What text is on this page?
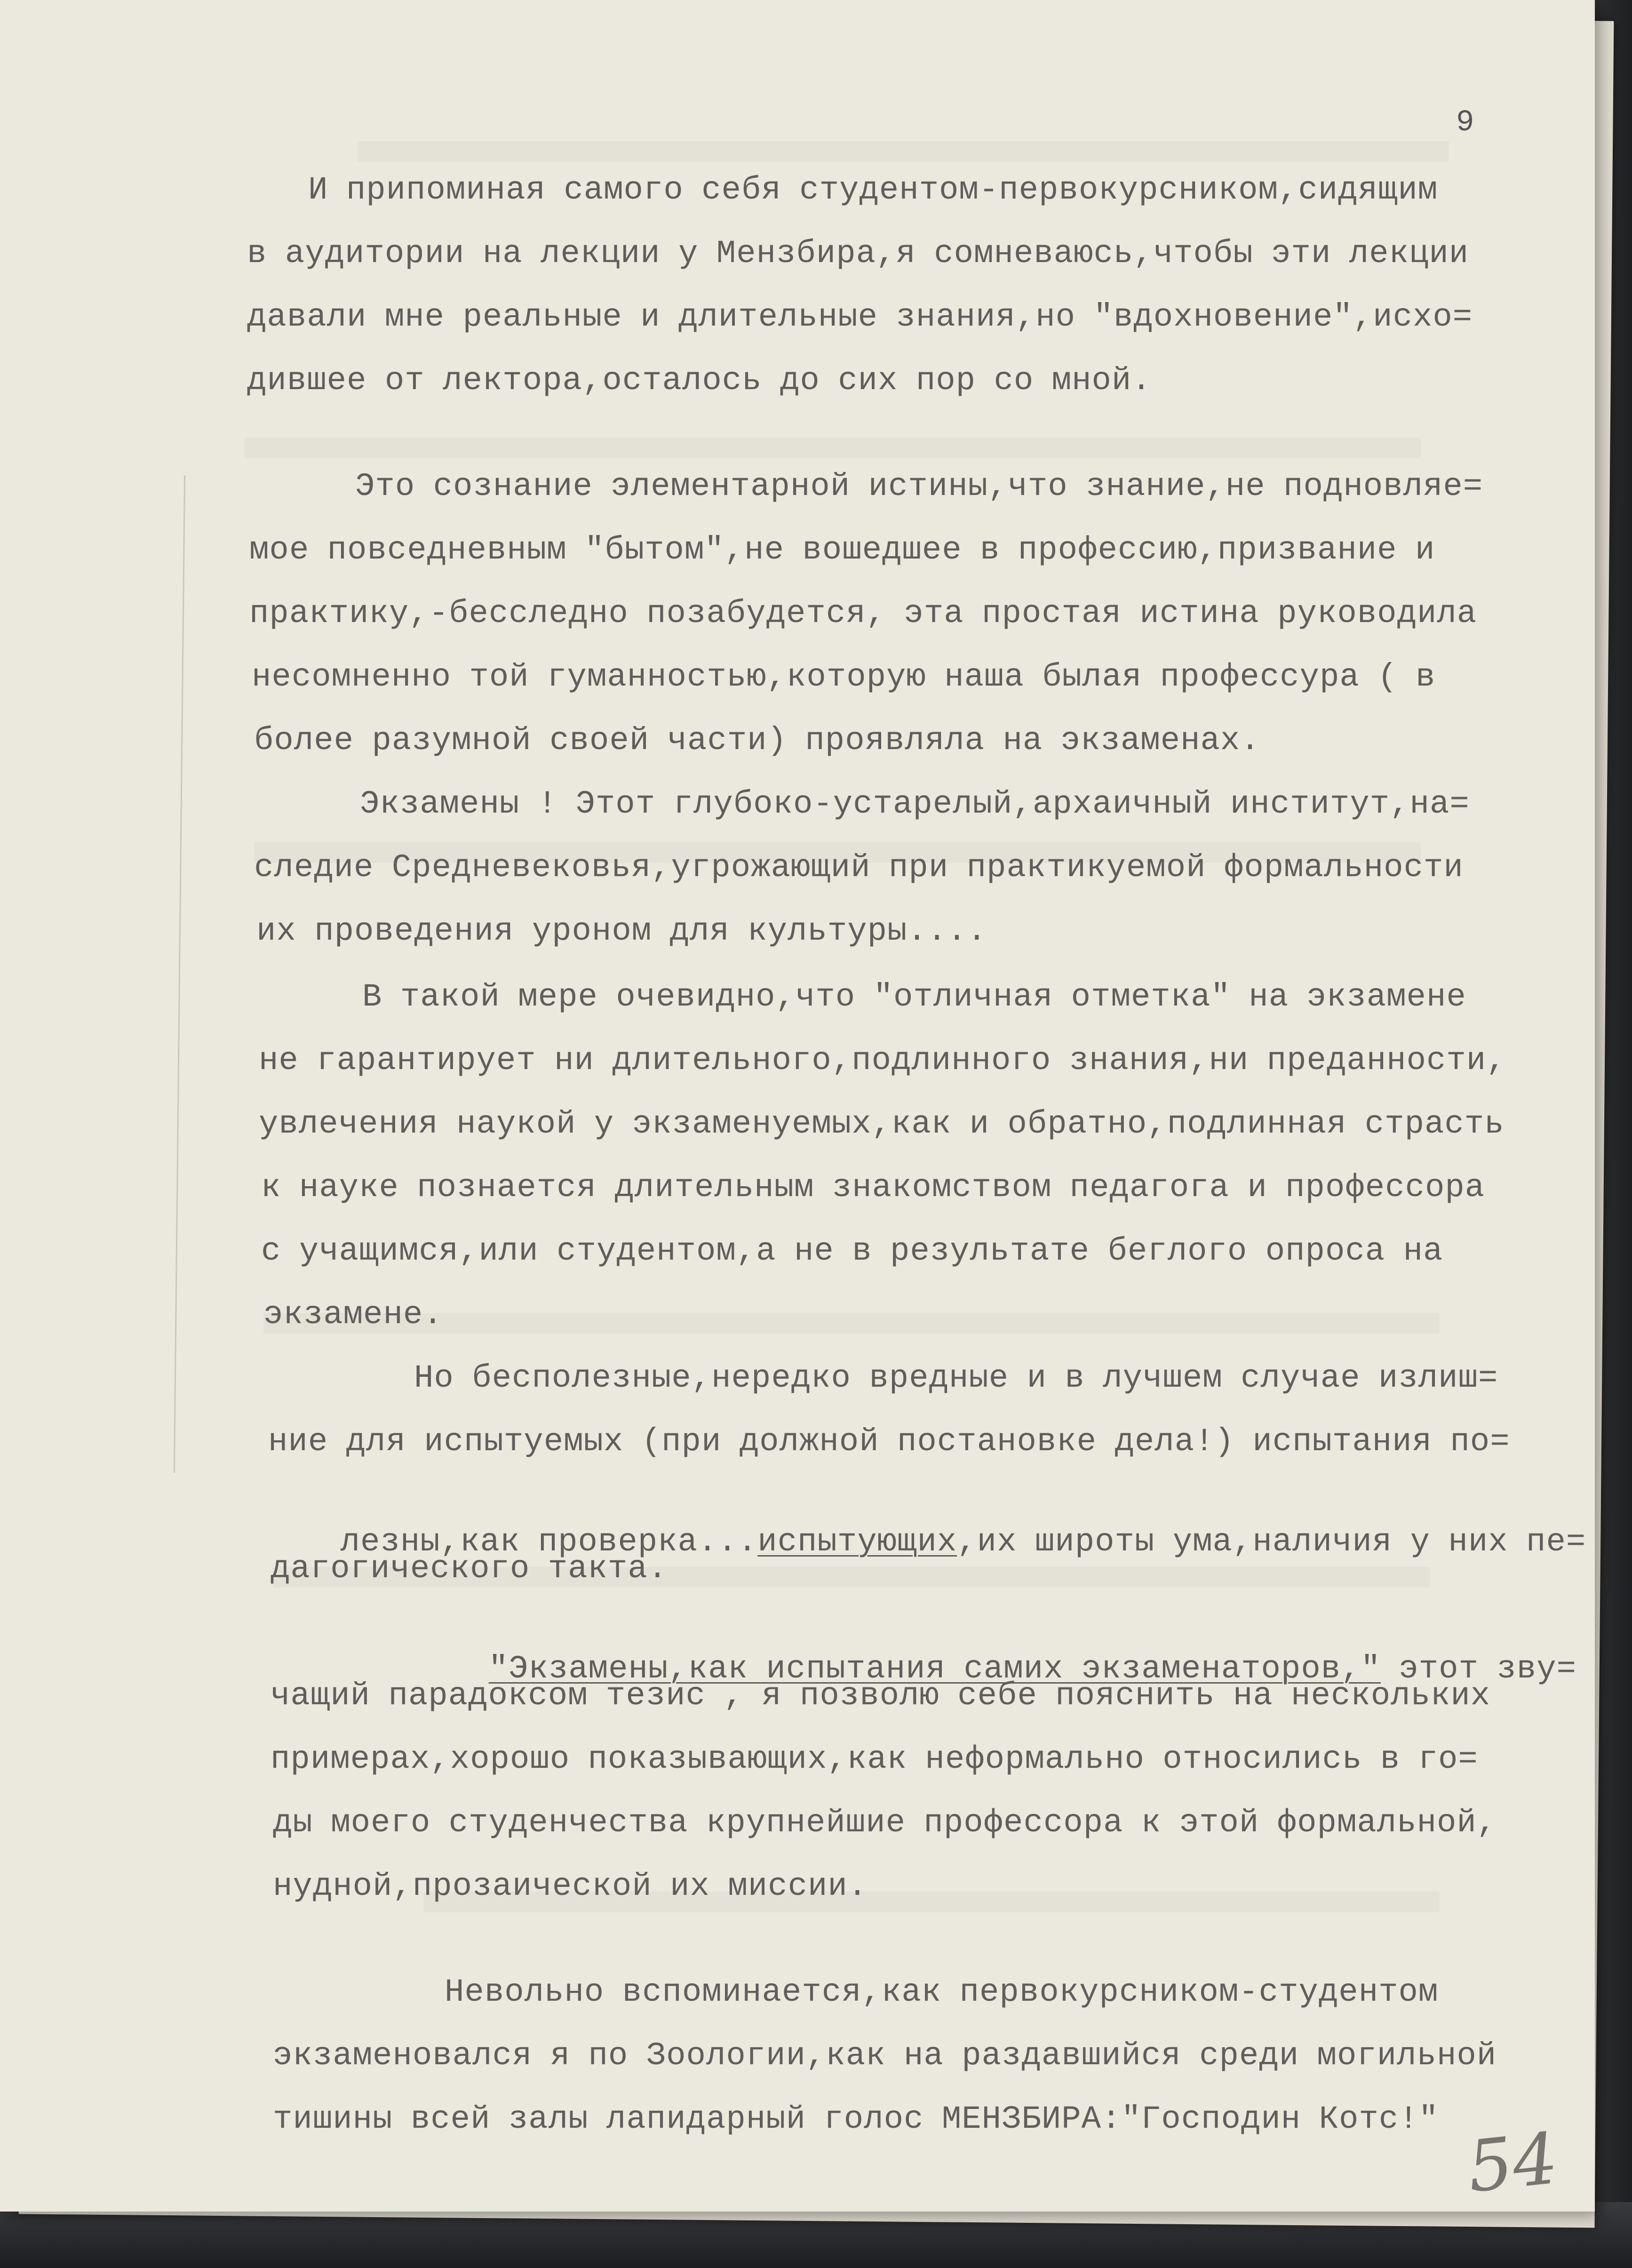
9
И припоминая самого себя студентом-первокурсником,сидящим
в аудитории на лекции у Мензбира,я сомневаюсь,чтобы эти лекции
давали мне реальные и длительные знания,но "вдохновение",исхо=
дившее от лектора,осталось до сих пор со мной.
Это сознание элементарной истины,что знание,не подновляе=
мое повседневным "бытом",не вошедшее в профессию,призвание и
практику,-бесследно позабудется, эта простая истина руководила
несомненно той гуманностью,которую наша былая профессура ( в
более разумной своей части) проявляла на экзаменах.
Экзамены ! Этот глубоко-устарелый,архаичный институт,на=
следие Средневековья,угрожающий при практикуемой формальности
их проведения уроном для культуры....
В такой мере очевидно,что "отличная отметка" на экзамене
не гарантирует ни длительного,подлинного знания,ни преданности,
увлечения наукой у экзаменуемых,как и обратно,подлинная страсть
к науке познается длительным знакомством педагога и профессора
с учащимся,или студентом,а не в результате беглого опроса на
экзамене.
Но бесполезные,нередко вредные и в лучшем случае излиш=
ние для испытуемых (при должной постановке дела!) испытания по=

лезны,как проверка...испытующих,их широты ума,наличия у них пе=

дагогического такта.

"Экзамены,как испытания самих экзаменаторов," этот зву=

чащий парадоксом тезис , я позволю себе пояснить на нескольких
примерах,хорошо показывающих,как неформально относились в го=
ды моего студенчества крупнейшие профессора к этой формальной,
нудной,прозаической их миссии.
Невольно вспоминается,как первокурсником-студентом
экзаменовался я по Зоологии,как на раздавшийся среди могильной
тишины всей залы лапидарный голос МЕНЗБИРА:"Господин Котс!" 54
